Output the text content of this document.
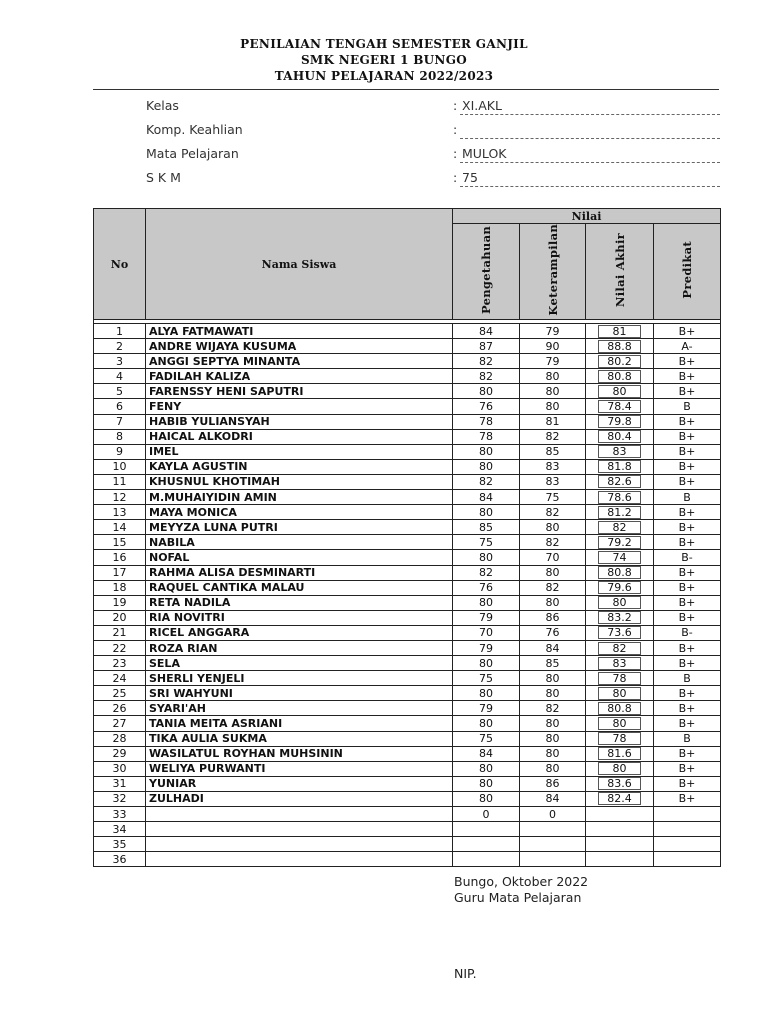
PENILAIAN TENGAH SEMESTER GANJIL
SMK NEGERI 1 BUNGO
TAHUN PELAJARAN 2022/2023
Kelas	: XI.AKL
Komp. Keahlian	:
Mata Pelajaran	: MULOK
S K M	: 75
No	Nama Siswa	Nilai			
		Pengetahuan	Keterampilan	Nilai Akhir	Predikat

1	ALYA FATMAWATI	84	79	81	B+
2	ANDRE WIJAYA KUSUMA	87	90	88.8	A-
3	ANGGI SEPTYA MINANTA	82	79	80.2	B+
4	FADILAH KALIZA	82	80	80.8	B+
5	FARENSSY HENI SAPUTRI	80	80	80	B+
6	FENY	76	80	78.4	B
7	HABIB YULIANSYAH	78	81	79.8	B+
8	HAICAL ALKODRI	78	82	80.4	B+
9	IMEL	80	85	83	B+
10	KAYLA AGUSTIN	80	83	81.8	B+
11	KHUSNUL KHOTIMAH	82	83	82.6	B+
12	M.MUHAIYIDIN AMIN	84	75	78.6	B
13	MAYA MONICA	80	82	81.2	B+
14	MEYYZA LUNA PUTRI	85	80	82	B+
15	NABILA	75	82	79.2	B+
16	NOFAL	80	70	74	B-
17	RAHMA ALISA DESMINARTI	82	80	80.8	B+
18	RAQUEL CANTIKA MALAU	76	82	79.6	B+
19	RETA NADILA	80	80	80	B+
20	RIA NOVITRI	79	86	83.2	B+
21	RICEL ANGGARA	70	76	73.6	B-
22	ROZA RIAN	79	84	82	B+
23	SELA	80	85	83	B+
24	SHERLI YENJELI	75	80	78	B
25	SRI WAHYUNI	80	80	80	B+
26	SYARI'AH	79	82	80.8	B+
27	TANIA MEITA ASRIANI	80	80	80	B+
28	TIKA AULIA SUKMA	75	80	78	B
29	WASILATUL ROYHAN MUHSININ	84	80	81.6	B+
30	WELIYA PURWANTI	80	80	80	B+
31	YUNIAR	80	86	83.6	B+
32	ZULHADI	80	84	82.4	B+
33		0	0		
34					
35					
36					
Bungo, Oktober 2022
Guru Mata Pelajaran
NIP.
